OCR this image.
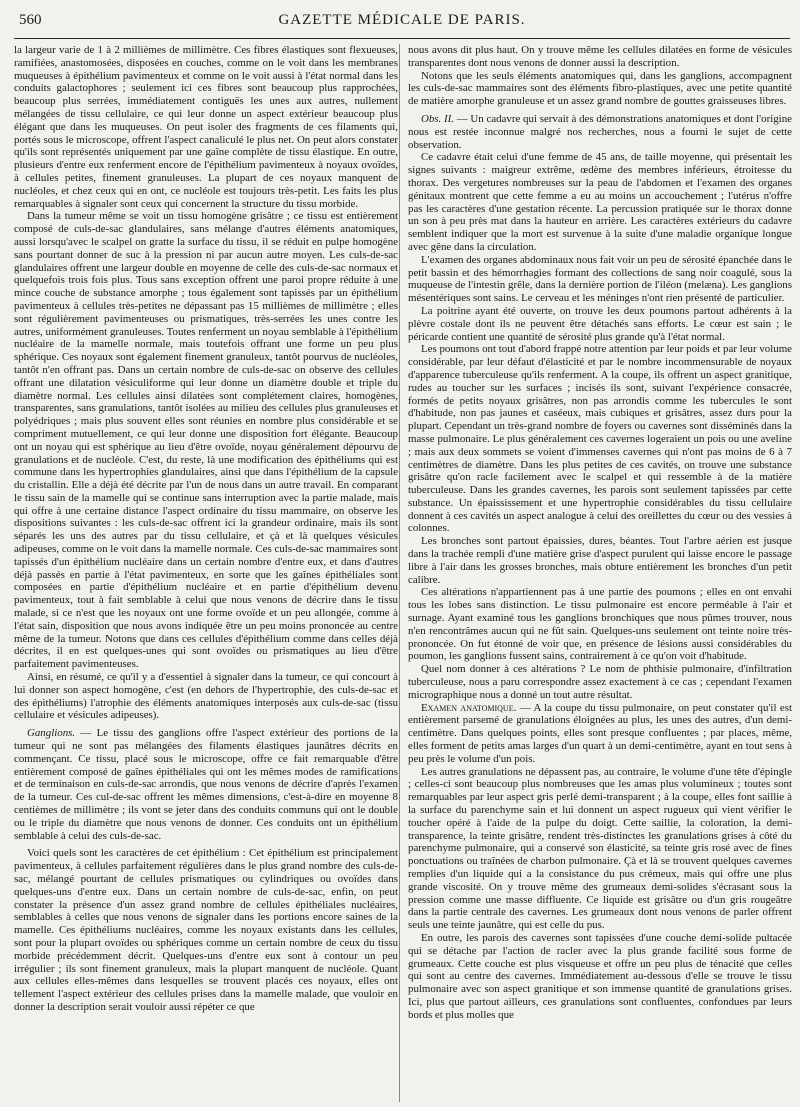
560	GAZETTE MÉDICALE DE PARIS.

la largeur varie de 1 à 2 millièmes de millimètre. Ces fibres élastiques sont flexueuses, ramifiées, anastomosées, disposées en couches, comme on le voit dans les membranes muqueuses à épithélium pavimenteux et comme on le voit aussi à l'état normal dans les conduits galactophores ; seulement ici ces fibres sont beaucoup plus rapprochées, beaucoup plus serrées, immédiatement contiguës les unes aux autres, nullement mélangées de tissu cellulaire, ce qui leur donne un aspect extérieur beaucoup plus élégant que dans les muqueuses. On peut isoler des fragments de ces filaments qui, portés sous le microscope, offrent l'aspect canaliculé le plus net. On peut alors constater qu'ils sont représentés uniquement par une gaîne complète de tissu élastique. En outre, plusieurs d'entre eux renferment encore de l'épithélium pavimenteux à noyaux ovoïdes, à cellules petites, finement granuleuses. La plupart de ces noyaux manquent de nucléoles, et chez ceux qui en ont, ce nucléole est toujours très-petit. Les faits les plus remarquables à signaler sont ceux qui concernent la structure du tissu morbide.

Dans la tumeur même se voit un tissu homogène grisâtre ; ce tissu est entièrement composé de culs-de-sac glandulaires, sans mélange d'autres éléments anatomiques, aussi lorsqu'avec le scalpel on gratte la surface du tissu, il se réduit en pulpe homogène sans pourtant donner de suc à la pression ni par aucun autre moyen. Les culs-de-sac glandulaires offrent une largeur double en moyenne de celle des culs-de-sac normaux et quelquefois trois fois plus. Tous sans exception offrent une paroi propre réduite à une mince couche de substance amorphe ; tous également sont tapissés par un épithélium pavimenteux à cellules très-petites ne dépassant pas 15 millièmes de millimètre ; elles sont régulièrement pavimenteuses ou prismatiques, très-serrées les unes contre les autres, uniformément granuleuses. Toutes renferment un noyau semblable à l'épithélium nucléaire de la mamelle normale, mais toutefois offrant une forme un peu plus sphérique. Ces noyaux sont également finement granuleux, tantôt pourvus de nucléoles, tantôt n'en offrant pas. Dans un certain nombre de culs-de-sac on observe des cellules offrant une dilatation vésiculiforme qui leur donne un diamètre double et triple du diamètre normal. Les cellules ainsi dilatées sont complétement claires, homogènes, transparentes, sans granulations, tantôt isolées au milieu des cellules plus granuleuses et polyédriques ; mais plus souvent elles sont réunies en nombre plus considérable et se compriment mutuellement, ce qui leur donne une disposition fort élégante. Beaucoup ont un noyau qui est sphérique au lieu d'être ovoïde, noyau généralement dépourvu de granulations et de nucléole. C'est, du reste, là une modification des épithéliums qui est commune dans les hypertrophies glandulaires, ainsi que dans l'épithélium de la capsule du cristallin. Elle a déjà été décrite par l'un de nous dans un autre travail. En comparant le tissu sain de la mamelle qui se continue sans interruption avec la partie malade, mais qui offre à une certaine distance l'aspect ordinaire du tissu mammaire, on observe les dispositions suivantes : les culs-de-sac offrent ici la grandeur ordinaire, mais ils sont séparés les uns des autres par du tissu cellulaire, et çà et là quelques vésicules adipeuses, comme on le voit dans la mamelle normale. Ces culs-de-sac mammaires sont tapissés d'un épithélium nucléaire dans un certain nombre d'entre eux, et dans d'autres déjà passés en partie à l'état pavimenteux, en sorte que les gaînes épithéliales sont composées en partie d'épithélium nucléaire et en partie d'épithélium devenu pavimenteux, tout à fait semblable à celui que nous venons de décrire dans le tissu malade, si ce n'est que les noyaux ont une forme ovoïde et un peu allongée, comme à l'état sain, disposition que nous avons indiquée être un peu moins prononcée au centre même de la tumeur. Notons que dans ces cellules d'épithélium comme dans celles déjà décrites, il en est quelques-unes qui sont ovoïdes ou prismatiques au lieu d'être parfaitement pavimenteuses.

Ainsi, en résumé, ce qu'il y a d'essentiel à signaler dans la tumeur, ce qui concourt à lui donner son aspect homogène, c'est (en dehors de l'hypertrophie, des culs-de-sac et des épithéliums) l'atrophie des éléments anatomiques interposés aux culs-de-sac (tissu cellulaire et vésicules adipeuses).

Ganglions. — Le tissu des ganglions offre l'aspect extérieur des portions de la tumeur qui ne sont pas mélangées des filaments élastiques jaunâtres décrits en commençant. Ce tissu, placé sous le microscope, offre ce fait remarquable d'être entièrement composé de gaînes épithéliales qui ont les mêmes modes de ramifications et de terminaison en culs-de-sac arrondis, que nous venons de décrire d'après l'examen de la tumeur. Ces cul-de-sac offrent les mêmes dimensions, c'est-à-dire en moyenne 8 centièmes de millimètre ; ils vont se jeter dans des conduits communs qui ont le double ou le triple du diamètre que nous venons de donner. Ces conduits ont un épithélium semblable à celui des culs-de-sac.

Voici quels sont les caractères de cet épithélium : Cet épithélium est principalement pavimenteux, à cellules parfaitement régulières dans le plus grand nombre des culs-de-sac, mélangé pourtant de cellules prismatiques ou cylindriques ou ovoïdes dans quelques-uns d'entre eux. Dans un certain nombre de culs-de-sac, enfin, on peut constater la présence d'un assez grand nombre de cellules épithéliales nucléaires, semblables à celles que nous venons de signaler dans les portions encore saines de la mamelle. Ces épithéliums nucléaires, comme les noyaux existants dans les cellules, sont pour la plupart ovoïdes ou sphériques comme un certain nombre de ceux du tissu morbide précédemment décrit. Quelques-uns d'entre eux sont à contour un peu irrégulier ; ils sont finement granuleux, mais la plupart manquent de nucléole. Quant aux cellules elles-mêmes dans lesquelles se trouvent placés ces noyaux, elles ont tellement l'aspect extérieur des cellules prises dans la mamelle malade, que vouloir en donner la description serait vouloir aussi répéter ce que

nous avons dit plus haut. On y trouve même les cellules dilatées en forme de vésicules transparentes dont nous venons de donner aussi la description.

Notons que les seuls éléments anatomiques qui, dans les ganglions, accompagnent les culs-de-sac mammaires sont des éléments fibro-plastiques, avec une petite quantité de matière amorphe granuleuse et un assez grand nombre de gouttes graisseuses libres.

Obs. II. — Un cadavre qui servait à des démonstrations anatomiques et dont l'origine nous est restée inconnue malgré nos recherches, nous a fourni le sujet de cette observation.

Ce cadavre était celui d'une femme de 45 ans, de taille moyenne, qui présentait les signes suivants : maigreur extrême, œdème des membres inférieurs, étroitesse du thorax. Des vergetures nombreuses sur la peau de l'abdomen et l'examen des organes génitaux montrent que cette femme a eu au moins un accouchement ; l'utérus n'offre pas les caractères d'une gestation récente. La percussion pratiquée sur le thorax donne un son à peu près mat dans la hauteur en arrière. Les caractères extérieurs du cadavre semblent indiquer que la mort est survenue à la suite d'une maladie organique longue avec gêne dans la circulation.

L'examen des organes abdominaux nous fait voir un peu de sérosité épanchée dans le petit bassin et des hémorrhagies formant des collections de sang noir coagulé, sous la muqueuse de l'intestin grêle, dans la dernière portion de l'iléon (melæna). Les ganglions mésentériques sont sains. Le cerveau et les méninges n'ont rien présenté de particulier.

La poitrine ayant été ouverte, on trouve les deux poumons partout adhérents à la plèvre costale dont ils ne peuvent être détachés sans efforts. Le cœur est sain ; le péricarde contient une quantité de sérosité plus grande qu'à l'état normal.

Les poumons ont tout d'abord frappé notre attention par leur poids et par leur volume considérable, par leur défaut d'élasticité et par le nombre incommensurable de noyaux d'apparence tuberculeuse qu'ils renferment. A la coupe, ils offrent un aspect granitique, rudes au toucher sur les surfaces ; incisés ils sont, suivant l'expérience consacrée, formés de petits noyaux grisâtres, non pas arrondis comme les tubercules le sont d'habitude, non pas jaunes et caséeux, mais cubiques et grisâtres, assez durs pour la plupart. Cependant un très-grand nombre de foyers ou cavernes sont disséminés dans la masse pulmonaire. Le plus généralement ces cavernes logeraient un pois ou une aveline ; mais aux deux sommets se voient d'immenses cavernes qui n'ont pas moins de 6 à 7 centimètres de diamètre. Dans les plus petites de ces cavités, on trouve une substance grisâtre qu'on racle facilement avec le scalpel et qui ressemble à de la matière tuberculeuse. Dans les grandes cavernes, les parois sont seulement tapissées par cette substance. Un épaississement et une hypertrophie considérables du tissu cellulaire donnent à ces cavités un aspect analogue à celui des oreillettes du cœur ou des vessies à colonnes.

Les bronches sont partout épaissies, dures, béantes. Tout l'arbre aérien est jusque dans la trachée rempli d'une matière grise d'aspect purulent qui laisse encore le passage libre à l'air dans les grosses bronches, mais obture entièrement les bronches d'un petit calibre.

Ces altérations n'appartiennent pas à une partie des poumons ; elles en ont envahi tous les lobes sans distinction. Le tissu pulmonaire est encore perméable à l'air et surnage. Ayant examiné tous les ganglions bronchiques que nous pûmes trouver, nous n'en rencontrâmes aucun qui ne fût sain. Quelques-uns seulement ont teinte noire très-prononcée. On fut étonné de voir que, en présence de lésions aussi considérables du poumon, les ganglions fussent sains, contrairement à ce qu'on voit d'habitude.

Quel nom donner à ces altérations ? Le nom de phthisie pulmonaire, d'infiltration tuberculeuse, nous a paru correspondre assez exactement à ce cas ; cependant l'examen micrographique nous a donné un tout autre résultat.

Examen anatomique. — A la coupe du tissu pulmonaire, on peut constater qu'il est entièrement parsemé de granulations éloignées au plus, les unes des autres, d'un demi-centimètre. Dans quelques points, elles sont presque confluentes ; par places, même, elles forment de petits amas larges d'un quart à un demi-centimètre, ayant en tout sens à peu près le volume d'un pois.

Les autres granulations ne dépassent pas, au contraire, le volume d'une tête d'épingle ; celles-ci sont beaucoup plus nombreuses que les amas plus volumineux ; toutes sont remarquables par leur aspect gris perlé demi-transparent ; à la coupe, elles font saillie à la surface du parenchyme sain et lui donnent un aspect rugueux qui vient vérifier le toucher opéré à l'aide de la pulpe du doigt. Cette saillie, la coloration, la demi-transparence, la teinte grisâtre, rendent très-distinctes les granulations grises à côté du parenchyme pulmonaire, qui a conservé son élasticité, sa teinte gris rosé avec de fines ponctuations ou traînées de charbon pulmonaire. Çà et là se trouvent quelques cavernes remplies d'un liquide qui a la consistance du pus crémeux, mais qui offre une plus grande viscosité. On y trouve même des grumeaux demi-solides s'écrasant sous la pression comme une masse diffluente. Ce liquide est grisâtre ou d'un gris rougeâtre dans la partie centrale des cavernes. Les grumeaux dont nous venons de parler offrent seuls une teinte jaunâtre, qui est celle du pus.

En outre, les parois des cavernes sont tapissées d'une couche demi-solide pultacée qui se détache par l'action de racler avec la plus grande facilité sous forme de grumeaux. Cette couche est plus visqueuse et offre un peu plus de ténacité que celles qui sont au centre des cavernes. Immédiatement au-dessous d'elle se trouve le tissu pulmonaire avec son aspect granitique et son immense quantité de granulations grises. Ici, plus que partout ailleurs, ces granulations sont confluentes, confondues par leurs bords et plus molles que
